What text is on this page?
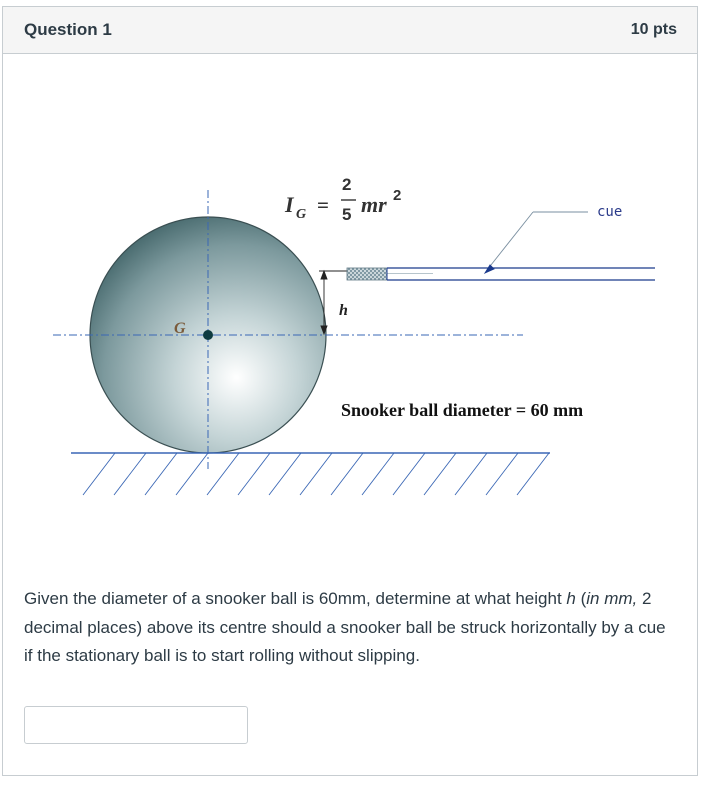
Question 1	10 pts
G
h
cue
I G =
2
5 mr 2
Snooker ball diameter = 60 mm
Given the diameter of a snooker ball is 60mm, determine at what height h (in mm, 2 decimal places) above its centre should a snooker ball be struck horizontally by a cue if the stationary ball is to start rolling without slipping.
